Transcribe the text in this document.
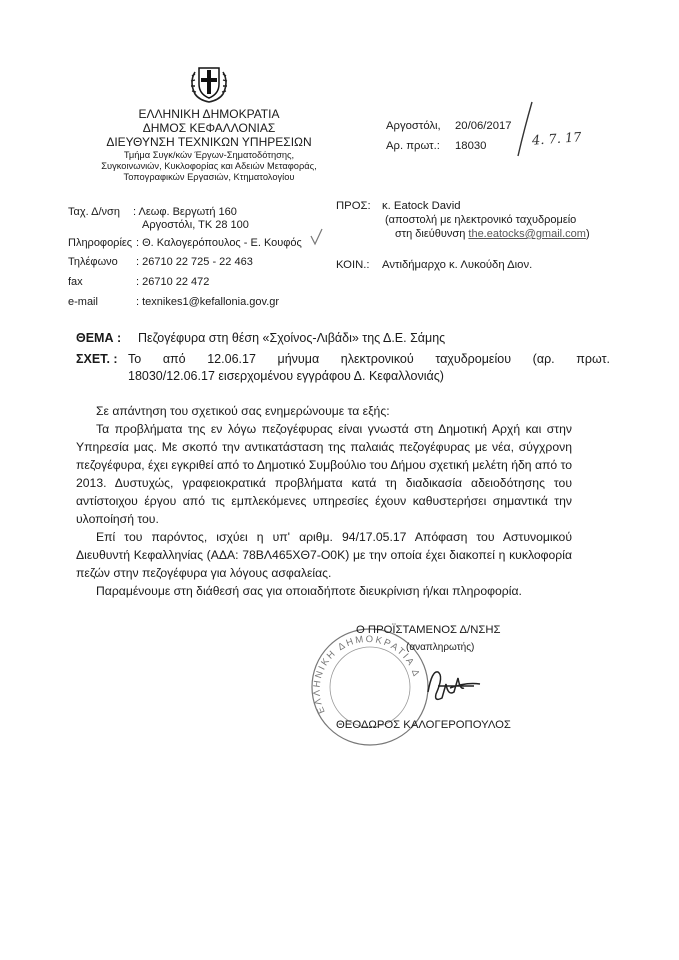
ΕΛΛΗΝΙΚΗ ΔΗΜΟΚΡΑΤΙΑ
ΔΗΜΟΣ ΚΕΦΑΛΛΟΝΙΑΣ
ΔΙΕΥΘΥΝΣΗ ΤΕΧΝΙΚΩΝ ΥΠΗΡΕΣΙΩΝ
Τμήμα Συγκ/κών Έργων-Σηματοδότησης,
Συγκοινωνιών, Κυκλοφορίας και Αδειών Μεταφοράς,
Τοπογραφικών Εργασιών, Κτηματολογίου
Αργοστόλι, 20/06/2017
Αρ. πρωτ.: 18030	4. 7. 17
Ταχ. Δ/νση : Λεωφ. Βεργωτή 160
Αργοστόλι, ΤΚ 28 100
Πληροφορίες : Θ. Καλογερόπουλος - Ε. Κουφός
Τηλέφωνο : 26710 22 725 - 22 463
fax	: 26710 22 472
e-mail	: texnikes1@kefallonia.gov.gr
ΠΡΟΣ: κ. Eatock David
(αποστολή με ηλεκτρονικό ταχυδρομείο
στη διεύθυνση the.eatocks@gmail.com)
ΚΟΙΝ.: Αντιδήμαρχο κ. Λυκούδη Διον.
ΘΕΜΑ : Πεζογέφυρα στη θέση «Σχοίνος-Λιβάδι» της Δ.Ε. Σάμης
ΣΧΕΤ. : Το από 12.06.17 μήνυμα ηλεκτρονικού ταχυδρομείου (αρ. πρωτ.
18030/12.06.17 εισερχομένου εγγράφου Δ. Κεφαλλονιάς)

Σε απάντηση του σχετικού σας ενημερώνουμε τα εξής:

Τα προβλήματα της εν λόγω πεζογέφυρας είναι γνωστά στη Δημοτική Αρχή και στην Υπηρεσία μας. Με σκοπό την αντικατάσταση της παλαιάς πεζογέφυρας με νέα, σύγχρονη πεζογέφυρα, έχει εγκριθεί από το Δημοτικό Συμβούλιο του Δήμου σχετική μελέτη ήδη από το 2013. Δυστυχώς, γραφειοκρατικά προβλήματα κατά τη διαδικασία αδειοδότησης του αντίστοιχου έργου από τις εμπλεκόμενες υπηρεσίες έχουν καθυστερήσει σημαντικά την υλοποίησή του.

Επί του παρόντος, ισχύει η υπ' αριθμ. 94/17.05.17 Απόφαση του Αστυνομικού Διευθυντή Κεφαλληνίας (ΑΔΑ: 78ΒΛ465ΧΘ7-Ο0Κ) με την οποία έχει διακοπεί η κυκλοφορία πεζών στην πεζογέφυρα για λόγους ασφαλείας.

Παραμένουμε στη διάθεσή σας για οποιαδήποτε διευκρίνιση ή/και πληροφορία.

ΕΛΛΗΝΙΚΗ ΔΗΜΟΚΡΑΤΙΑ Δ
Ο ΠΡΟΪΣΤΑΜΕΝΟΣ Δ/ΝΣΗΣ
(αναπληρωτής)
ΘΕΟΔΩΡΟΣ ΚΑΛΟΓΕΡΟΠΟΥΛΟΣ
